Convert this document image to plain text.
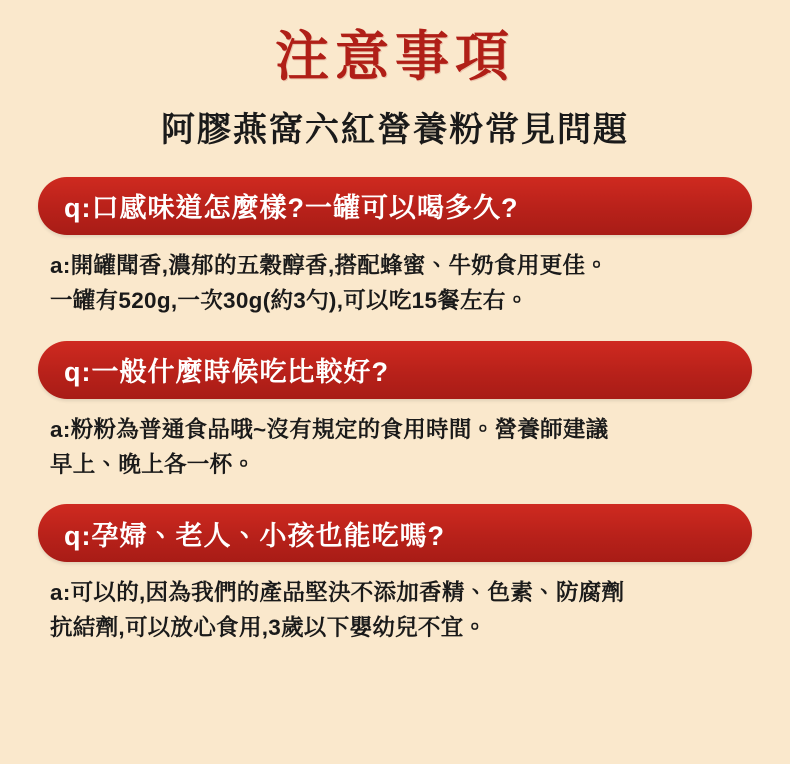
注意事項
阿膠燕窩六紅營養粉常見問題
q:口感味道怎麼樣?一罐可以喝多久?
a:開罐聞香,濃郁的五穀醇香,搭配蜂蜜、牛奶食用更佳。
一罐有520g,一次30g(約3勺),可以吃15餐左右。
q:一般什麼時候吃比較好?
a:粉粉為普通食品哦~沒有規定的食用時間。營養師建議
早上、晚上各一杯。
q:孕婦、老人、小孩也能吃嗎?
a:可以的,因為我們的產品堅決不添加香精、色素、防腐劑
抗結劑,可以放心食用,3歲以下嬰幼兒不宜。
